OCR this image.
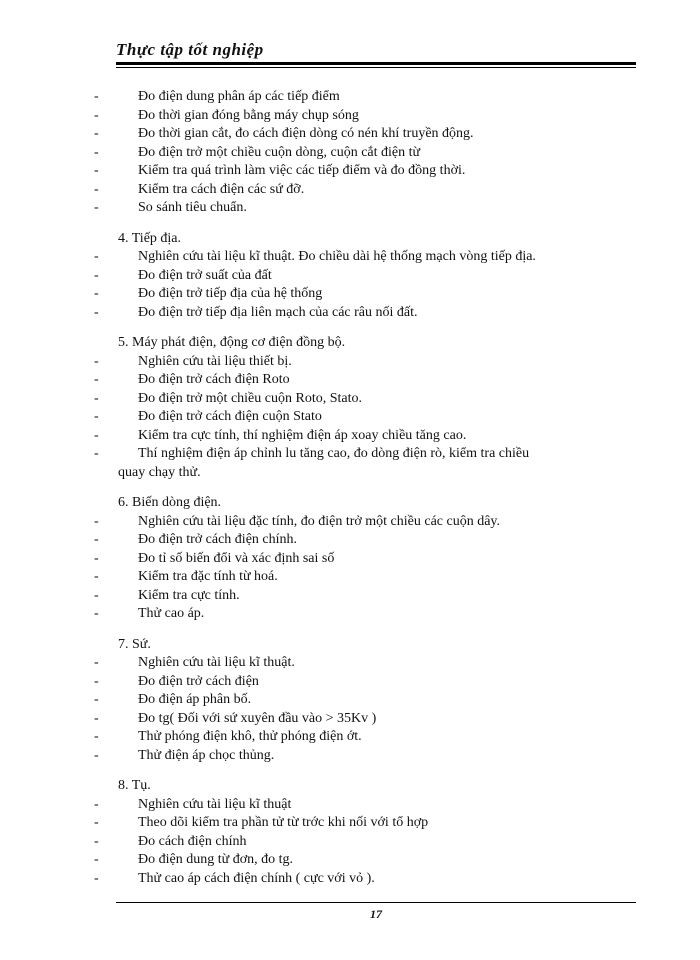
Thực tập tốt nghiệp
-	Đo điện dung phân áp các tiếp điểm
-	Đo thời gian đóng bằng máy chụp sóng
-	Đo thời gian cắt, đo cách điện dòng có nén khí truyền động.
-	Đo điện trở một chiều cuộn dòng, cuộn cắt điện từ
-	Kiểm tra quá trình làm việc các tiếp điểm và đo đồng thời.
-	Kiểm tra cách điện các sứ đỡ.
-	So sánh tiêu chuẩn.
4. Tiếp địa.
-	Nghiên cứu tài liệu kĩ thuật. Đo chiều dài hệ thống mạch vòng tiếp địa.
-	Đo điện trở suất của đất
-	Đo điện trở tiếp địa của hệ thống
-	Đo điện trở tiếp địa liên mạch của các râu nối đất.
5. Máy phát điện, động cơ điện đồng bộ.
-	Nghiên cứu tài liệu thiết bị.
-	Đo điện trở cách điện Roto
-	Đo điện trở một chiều cuộn Roto, Stato.
-	Đo điện trở cách điện cuộn Stato
-	Kiểm tra cực tính, thí nghiệm điện áp xoay chiều tăng cao.
-	Thí nghiệm điện áp chỉnh lu tăng cao, đo dòng điện rò, kiểm tra chiều
quay chạy thử.
6. Biến dòng điện.
-	Nghiên cứu tài liệu đặc tính, đo điện trở một chiều các cuộn dây.
-	Đo điện trở cách điện chính.
-	Đo tỉ số biến đổi và xác định sai số
-	Kiểm tra đặc tính từ hoá.
-	Kiểm tra cực tính.
-	Thử cao áp.
7. Sứ.
-	Nghiên cứu tài liệu kĩ thuật.
-	Đo điện trở cách điện
-	Đo điện áp phân bố.
-	Đo tg( Đối với sứ xuyên đầu vào > 35Kv )
-	Thử phóng điện khô, thử phóng điện ớt.
-	Thử điện áp chọc thủng.
8. Tụ.
-	Nghiên cứu tài liệu kĩ thuật
-	Theo dõi kiểm tra phần tử từ trớc khi nối với tổ hợp
-	Đo cách điện chính
-	Đo điện dung từ đơn, đo tg.
-	Thử cao áp cách điện chính ( cực với vỏ ).
17
